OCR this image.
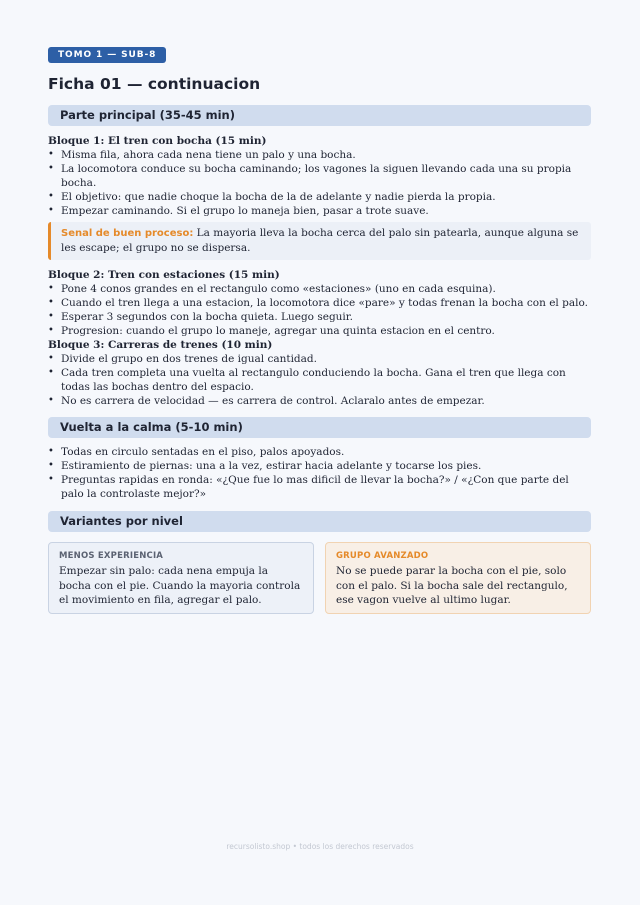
TOMO 1 — SUB-8
Ficha 01 — continuacion
Parte principal (35-45 min)
Bloque 1: El tren con bocha (15 min)
• Misma fila, ahora cada nena tiene un palo y una bocha.
• La locomotora conduce su bocha caminando; los vagones la siguen llevando cada una su propia bocha.
• El objetivo: que nadie choque la bocha de la de adelante y nadie pierda la propia.
• Empezar caminando. Si el grupo lo maneja bien, pasar a trote suave.
Senal de buen proceso: La mayoria lleva la bocha cerca del palo sin patearla, aunque alguna se les escape; el grupo no se dispersa.
Bloque 2: Tren con estaciones (15 min)
• Pone 4 conos grandes en el rectangulo como «estaciones» (uno en cada esquina).
• Cuando el tren llega a una estacion, la locomotora dice «pare» y todas frenan la bocha con el palo.
• Esperar 3 segundos con la bocha quieta. Luego seguir.
• Progresion: cuando el grupo lo maneje, agregar una quinta estacion en el centro.
Bloque 3: Carreras de trenes (10 min)
• Divide el grupo en dos trenes de igual cantidad.
• Cada tren completa una vuelta al rectangulo conduciendo la bocha. Gana el tren que llega con todas las bochas dentro del espacio.
• No es carrera de velocidad — es carrera de control. Aclaralo antes de empezar.
Vuelta a la calma (5-10 min)
• Todas en circulo sentadas en el piso, palos apoyados.
• Estiramiento de piernas: una a la vez, estirar hacia adelante y tocarse los pies.
• Preguntas rapidas en ronda: «¿Que fue lo mas dificil de llevar la bocha?» / «¿Con que parte del palo la controlaste mejor?»
Variantes por nivel
MENOS EXPERIENCIA
Empezar sin palo: cada nena empuja la bocha con el pie. Cuando la mayoria controla el movimiento en fila, agregar el palo.
GRUPO AVANZADO
No se puede parar la bocha con el pie, solo con el palo. Si la bocha sale del rectangulo, ese vagon vuelve al ultimo lugar.
recursolisto.shop • todos los derechos reservados
